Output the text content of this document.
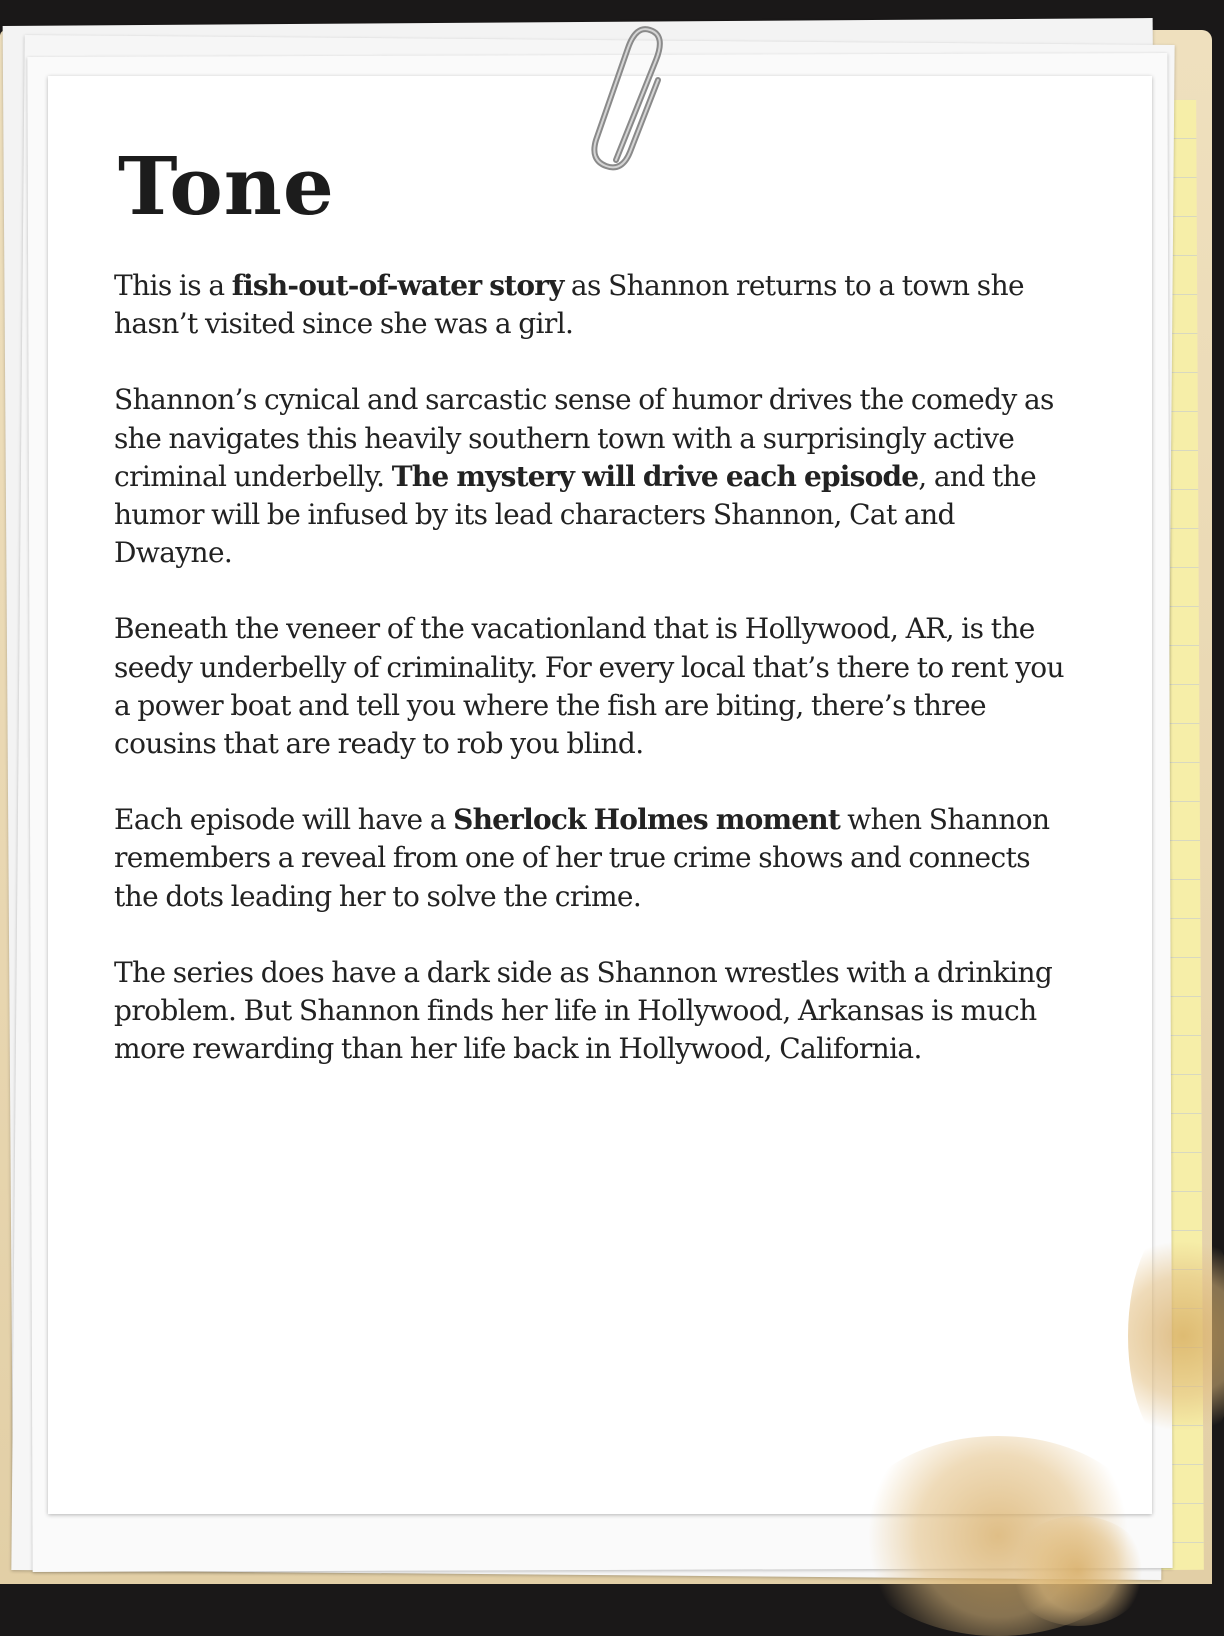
Tone

This is a fish-out-of-water story as Shannon returns to a town she hasn’t visited since she was a girl.

Shannon’s cynical and sarcastic sense of humor drives the comedy as she navigates this heavily southern town with a surprisingly active criminal underbelly. The mystery will drive each episode, and the humor will be infused by its lead characters Shannon, Cat and Dwayne.

Beneath the veneer of the vacationland that is Hollywood, AR, is the seedy underbelly of criminality. For every local that’s there to rent you a power boat and tell you where the fish are biting, there’s three cousins that are ready to rob you blind.

Each episode will have a Sherlock Holmes moment when Shannon remembers a reveal from one of her true crime shows and connects the dots leading her to solve the crime.

The series does have a dark side as Shannon wrestles with a drinking problem. But Shannon finds her life in Hollywood, Arkansas is much more rewarding than her life back in Hollywood, California.
